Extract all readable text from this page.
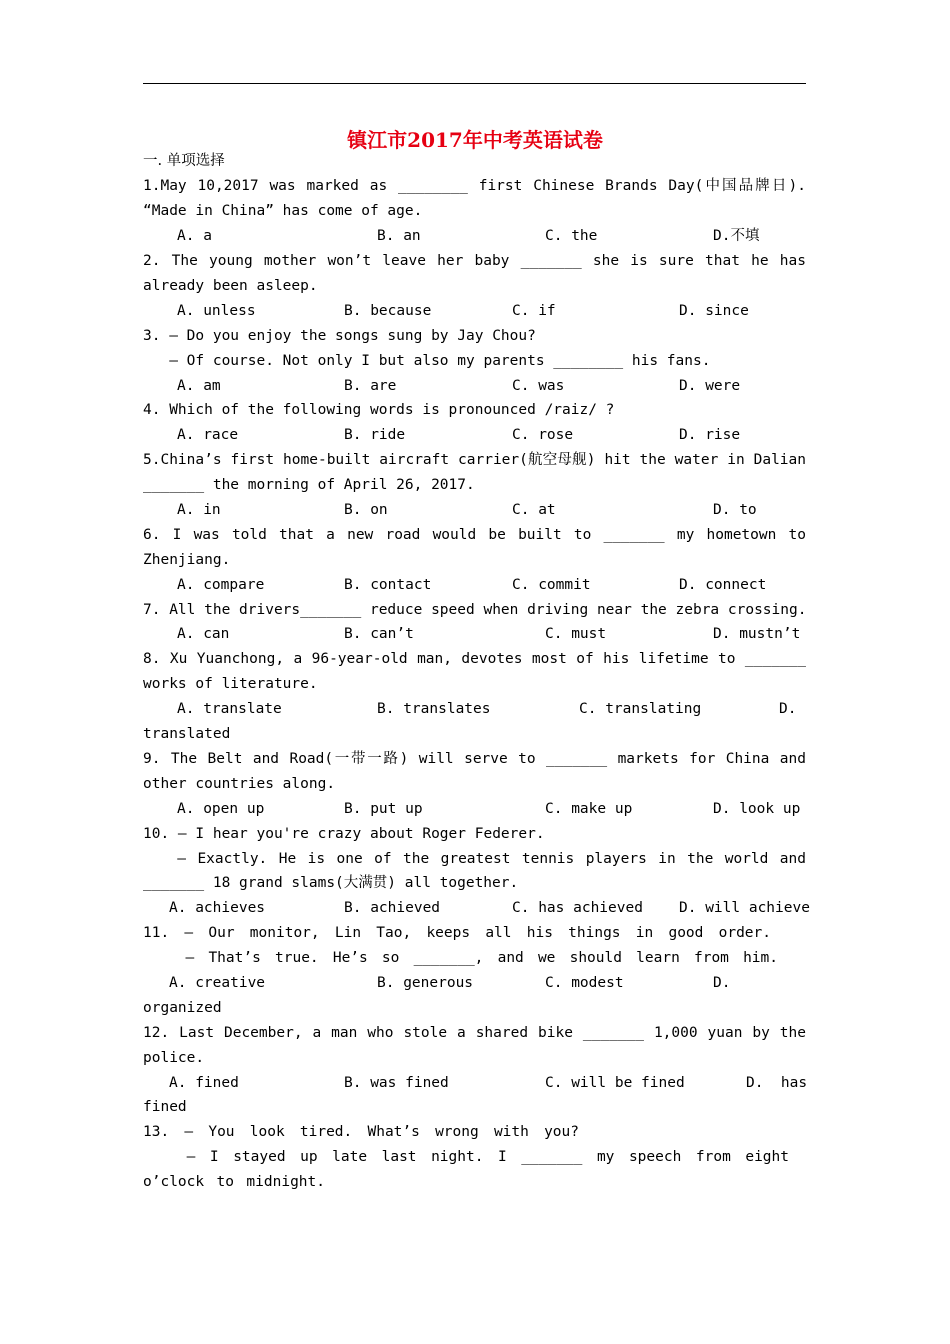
镇江市2017年中考英语试卷
一. 单项选择
1.May 10,2017 was marked as ________ first Chinese Brands Day(中国品牌日).
“Made in China” has come of age.
A. a	B. an	C. the	D.不填
2. The young mother won’t leave her baby _______ she is sure that he has
already been asleep.
A. unless	B. because	C. if	D. since
3. — Do you enjoy the songs sung by Jay Chou?
— Of course. Not only I but also my parents ________ his fans.
A. am	B. are	C. was	D. were
4. Which of the following words is pronounced /raiz/ ?
A. race	B. ride	C. rose	D. rise
5.China’s first home-built aircraft carrier(航空母舰) hit the water in Dalian
_______ the morning of April 26, 2017.
A. in	B. on	C. at	D. to
6. I was told that a new road would be built to _______ my hometown to
Zhenjiang.
A. compare	B. contact	C. commit	D. connect
7. All the drivers_______ reduce speed when driving near the zebra crossing.
A. can	B. can’t	C. must	D. mustn’t
8. Xu Yuanchong, a 96-year-old man, devotes most of his lifetime to _______
works of literature.
A. translate	B. translates	C. translating	D.
translated
9. The Belt and Road(一带一路) will serve to _______ markets for China and
other countries along.
A. open up	B. put up	C. make up	D. look up
10. — I hear you're crazy about Roger Federer.
— Exactly. He is one of the greatest tennis players in the world and
_______ 18 grand slams(大满贯) all together.
A. achieves	B. achieved	C. has achieved D. will achieve
11. — Our monitor, Lin Tao, keeps all his things in good order.
— That’s true. He’s so _______, and we should learn from him.
A. creative	B. generous	C. modest	D.
organized
12. Last December, a man who stole a shared bike _______ 1,000 yuan by the
police.
A. fined	B. was fined	C. will be fined	D.  has
fined
13. — You look tired. What’s wrong with you?
— I stayed up late last night. I _______ my speech from eight
o’clock to midnight.
